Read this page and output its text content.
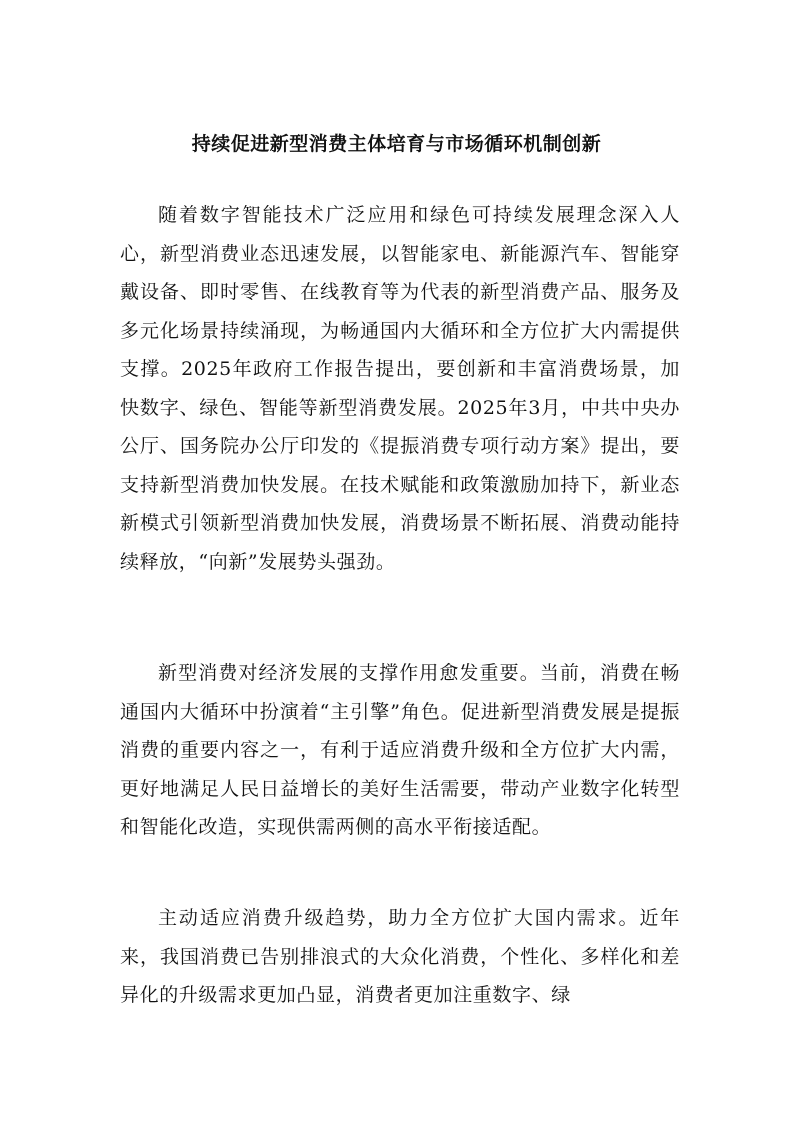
持续促进新型消费主体培育与市场循环机制创新

随着数字智能技术广泛应用和绿色可持续发展理念深入人心，新型消费业态迅速发展，以智能家电、新能源汽车、智能穿戴设备、即时零售、在线教育等为代表的新型消费产品、服务及多元化场景持续涌现，为畅通国内大循环和全方位扩大内需提供支撑。2025年政府工作报告提出，要创新和丰富消费场景，加快数字、绿色、智能等新型消费发展。2025年3月，中共中央办公厅、国务院办公厅印发的《提振消费专项行动方案》提出，要支持新型消费加快发展。在技术赋能和政策激励加持下，新业态新模式引领新型消费加快发展，消费场景不断拓展、消费动能持续释放，“向新”发展势头强劲。

新型消费对经济发展的支撑作用愈发重要。当前，消费在畅通国内大循环中扮演着“主引擎”角色。促进新型消费发展是提振消费的重要内容之一，有利于适应消费升级和全方位扩大内需，更好地满足人民日益增长的美好生活需要，带动产业数字化转型和智能化改造，实现供需两侧的高水平衔接适配。

主动适应消费升级趋势，助力全方位扩大国内需求。近年来，我国消费已告别排浪式的大众化消费，个性化、多样化和差异化的升级需求更加凸显，消费者更加注重数字、绿
